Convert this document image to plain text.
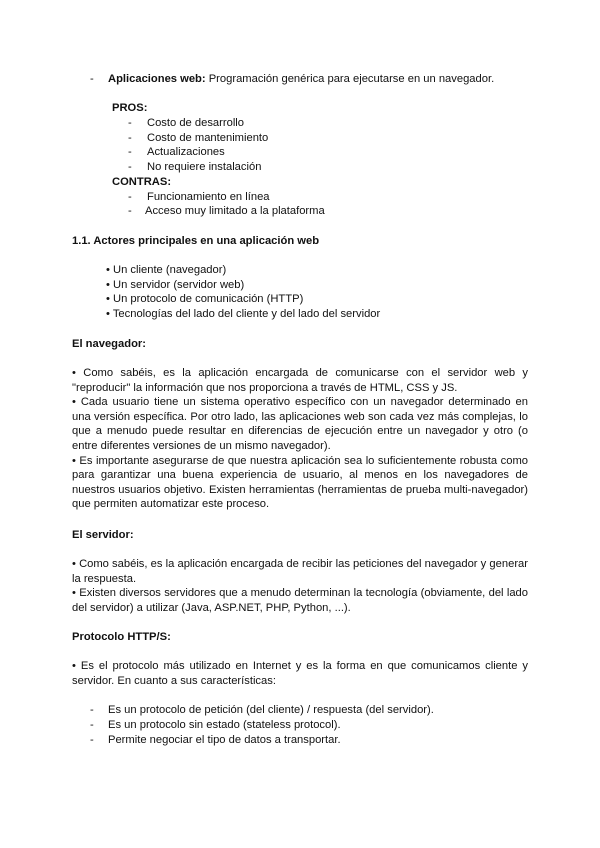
- Aplicaciones web: Programación genérica para ejecutarse en un navegador.
PROS:
- Costo de desarrollo
- Costo de mantenimiento
- Actualizaciones
- No requiere instalación
CONTRAS:
- Funcionamiento en línea
- Acceso muy limitado a la plataforma
1.1. Actores principales en una aplicación web
• Un cliente (navegador)
• Un servidor (servidor web)
• Un protocolo de comunicación (HTTP)
• Tecnologías del lado del cliente y del lado del servidor
El navegador:

• Como sabéis, es la aplicación encargada de comunicarse con el servidor web y "reproducir" la información que nos proporciona a través de HTML, CSS y JS.

• Cada usuario tiene un sistema operativo específico con un navegador determinado en una versión específica. Por otro lado, las aplicaciones web son cada vez más complejas, lo que a menudo puede resultar en diferencias de ejecución entre un navegador y otro (o entre diferentes versiones de un mismo navegador).

• Es importante asegurarse de que nuestra aplicación sea lo suficientemente robusta como para garantizar una buena experiencia de usuario, al menos en los navegadores de nuestros usuarios objetivo. Existen herramientas (herramientas de prueba multi-navegador) que permiten automatizar este proceso.

El servidor:

• Como sabéis, es la aplicación encargada de recibir las peticiones del navegador y generar la respuesta.

• Existen diversos servidores que a menudo determinan la tecnología (obviamente, del lado del servidor) a utilizar (Java, ASP.NET, PHP, Python, ...).

Protocolo HTTP/S:

• Es el protocolo más utilizado en Internet y es la forma en que comunicamos cliente y servidor. En cuanto a sus características:

- Es un protocolo de petición (del cliente) / respuesta (del servidor).
- Es un protocolo sin estado (stateless protocol).
- Permite negociar el tipo de datos a transportar.
